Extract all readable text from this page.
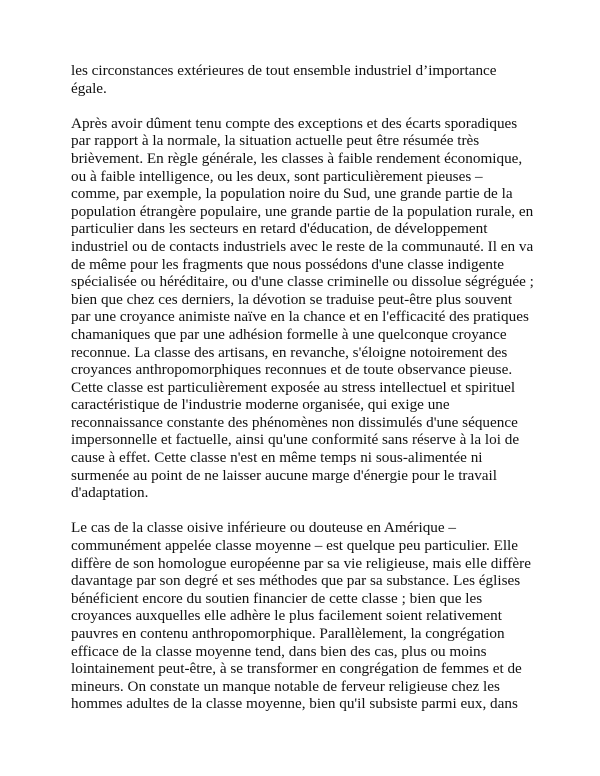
les circonstances extérieures de tout ensemble industriel d’importance
égale.
Après avoir dûment tenu compte des exceptions et des écarts sporadiques
par rapport à la normale, la situation actuelle peut être résumée très
brièvement. En règle générale, les classes à faible rendement économique,
ou à faible intelligence, ou les deux, sont particulièrement pieuses –
comme, par exemple, la population noire du Sud, une grande partie de la
population étrangère populaire, une grande partie de la population rurale, en
particulier dans les secteurs en retard d'éducation, de développement
industriel ou de contacts industriels avec le reste de la communauté. Il en va
de même pour les fragments que nous possédons d'une classe indigente
spécialisée ou héréditaire, ou d'une classe criminelle ou dissolue ségréguée ;
bien que chez ces derniers, la dévotion se traduise peut-être plus souvent
par une croyance animiste naïve en la chance et en l'efficacité des pratiques
chamaniques que par une adhésion formelle à une quelconque croyance
reconnue. La classe des artisans, en revanche, s'éloigne notoirement des
croyances anthropomorphiques reconnues et de toute observance pieuse.
Cette classe est particulièrement exposée au stress intellectuel et spirituel
caractéristique de l'industrie moderne organisée, qui exige une
reconnaissance constante des phénomènes non dissimulés d'une séquence
impersonnelle et factuelle, ainsi qu'une conformité sans réserve à la loi de
cause à effet. Cette classe n'est en même temps ni sous-alimentée ni
surmenée au point de ne laisser aucune marge d'énergie pour le travail
d'adaptation.
Le cas de la classe oisive inférieure ou douteuse en Amérique –
communément appelée classe moyenne – est quelque peu particulier. Elle
diffère de son homologue européenne par sa vie religieuse, mais elle diffère
davantage par son degré et ses méthodes que par sa substance. Les églises
bénéficient encore du soutien financier de cette classe ; bien que les
croyances auxquelles elle adhère le plus facilement soient relativement
pauvres en contenu anthropomorphique. Parallèlement, la congrégation
efficace de la classe moyenne tend, dans bien des cas, plus ou moins
lointainement peut-être, à se transformer en congrégation de femmes et de
mineurs. On constate un manque notable de ferveur religieuse chez les
hommes adultes de la classe moyenne, bien qu'il subsiste parmi eux, dans
